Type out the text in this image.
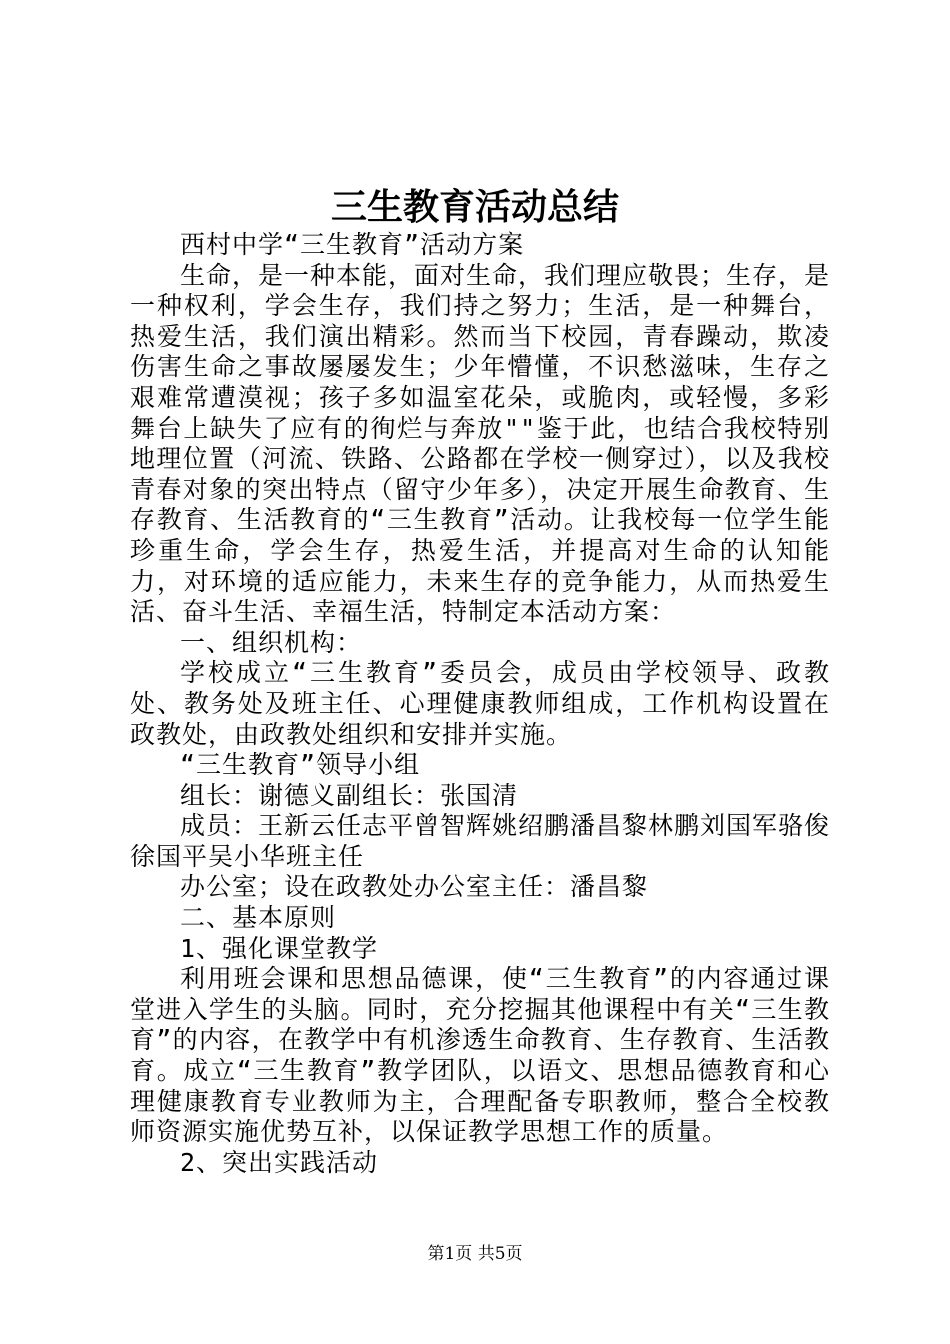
三生教育活动总结

西村中学“三生教育”活动方案

生命，是一种本能，面对生命，我们理应敬畏；生存，是一种权利，学会生存，我们持之努力；生活，是一种舞台，热爱生活，我们演出精彩。然而当下校园，青春躁动，欺凌伤害生命之事故屡屡发生；少年懵懂，不识愁滋味，生存之艰难常遭漠视；孩子多如温室花朵，或脆肉，或轻慢，多彩舞台上缺失了应有的徇烂与奔放""鉴于此，也结合我校特别地理位置（河流、铁路、公路都在学校一侧穿过），以及我校青春对象的突出特点（留守少年多），决定开展生命教育、生存教育、生活教育的“三生教育”活动。让我校每一位学生能珍重生命，学会生存，热爱生活，并提高对生命的认知能力，对环境的适应能力，未来生存的竞争能力，从而热爱生活、奋斗生活、幸福生活，特制定本活动方案：

一、组织机构：

学校成立“三生教育”委员会，成员由学校领导、政教处、教务处及班主任、心理健康教师组成，工作机构设置在政教处，由政教处组织和安排并实施。

“三生教育”领导小组

组长：谢德义副组长：张国清

成员：王新云任志平曾智辉姚绍鹏潘昌黎林鹏刘国军骆俊徐国平吴小华班主任

办公室；设在政教处办公室主任：潘昌黎

二、基本原则

1、强化课堂教学

利用班会课和思想品德课，使“三生教育”的内容通过课堂进入学生的头脑。同时，充分挖掘其他课程中有关“三生教育”的内容，在教学中有机渗透生命教育、生存教育、生活教育。成立“三生教育”教学团队，以语文、思想品德教育和心理健康教育专业教师为主，合理配备专职教师，整合全校教师资源实施优势互补，以保证教学思想工作的质量。

2、突出实践活动

第1页 共5页
